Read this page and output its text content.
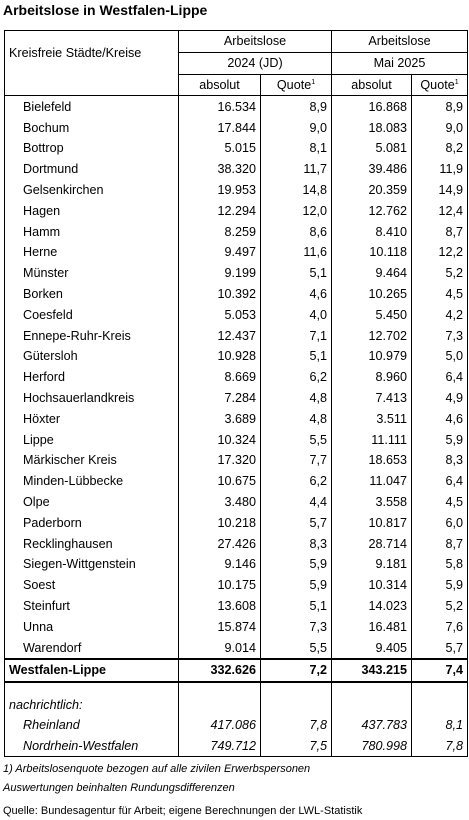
Arbeitslose in Westfalen-Lippe
Kreisfreie Städte/Kreise	Arbeitslose		Arbeitslose	
	2024 (JD)		Mai 2025	
	absolut	Quote$^1$	absolut	Quote$^1$
Bielefeld	16.534	8,9	16.868	8,9
Bochum	17.844	9,0	18.083	9,0
Bottrop	5.015	8,1	5.081	8,2
Dortmund	38.320	11,7	39.486	11,9
Gelsenkirchen	19.953	14,8	20.359	14,9
Hagen	12.294	12,0	12.762	12,4
Hamm	8.259	8,6	8.410	8,7
Herne	9.497	11,6	10.118	12,2
Münster	9.199	5,1	9.464	5,2
Borken	10.392	4,6	10.265	4,5
Coesfeld	5.053	4,0	5.450	4,2
Ennepe-Ruhr-Kreis	12.437	7,1	12.702	7,3
Gütersloh	10.928	5,1	10.979	5,0
Herford	8.669	6,2	8.960	6,4
Hochsauerlandkreis	7.284	4,8	7.413	4,9
Höxter	3.689	4,8	3.511	4,6
Lippe	10.324	5,5	11.111	5,9
Märkischer Kreis	17.320	7,7	18.653	8,3
Minden-Lübbecke	10.675	6,2	11.047	6,4
Olpe	3.480	4,4	3.558	4,5
Paderborn	10.218	5,7	10.817	6,0
Recklinghausen	27.426	8,3	28.714	8,7
Siegen-Wittgenstein	9.146	5,9	9.181	5,8
Soest	10.175	5,9	10.314	5,9
Steinfurt	13.608	5,1	14.023	5,2
Unna	15.874	7,3	16.481	7,6
Warendorf	9.014	5,5	9.405	5,7
Westfalen-Lippe	332.626	7,2	343.215	7,4

nachrichtlich:				
Rheinland	417.086	7,8	437.783	8,1
Nordrhein-Westfalen	749.712	7,5	780.998	7,8
1) Arbeitslosenquote bezogen auf alle zivilen Erwerbspersonen
Auswertungen beinhalten Rundungsdifferenzen
Quelle: Bundesagentur für Arbeit; eigene Berechnungen der LWL-Statistik
